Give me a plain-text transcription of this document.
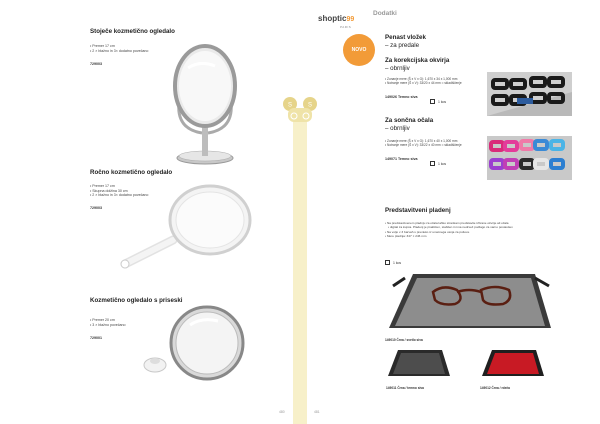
Stoječe kozmetično ogledalo
• Premer 17 cm
• 2 × blažno in 3× dodatno povečano
729003
Ročno kozmetično ogledalo
• Premer 17 cm
• Skupna dolžina 30 cm
• 2 × blažno in 3× dodatno povečano
729003
Kozmetično ogledalo s priseski
• Premer 20 cm
• 3 × blažno povečano
729001
480
S	S
shoptic99
PARIS
Dodatki
NOVO
Penast vložek
– za predale
Za korekcijska okvirja
– obrnljiv
• Zunanje mere (Š x V x G): 1,670 x 34 x 1,000 mm
• Notranje mere (Š x V): 33/20 x 44 mm = skladiščenje
149026 Temno siva
1 kos
Za sončna očala
– obrnljiv
• Zunanje mere (Š x V x G): 1,670 x 40 x 1,000 mm
• Notranje mere (Š x V): 33/22 x 40 mm = skladiščenje
149071 Temno siva
1 kos
Predstavitveni pladenj
• Na predstavitvenem pladnju za očala lahko strankam predstavite izbrane okvirje ali očala
• digital za kupca. Pladenj je praktičen, stabilen in ima nedrseč podlago za varno postavitev
• Na voljo v 3 barvah s prevleko iz umetnega usnja za pultove
• Mere pladnja: 347 × 246 mm
1 kos
149010 Črna / svetlo siva
149011 Črna / temno siva	149012 Črna / rdeča
481
